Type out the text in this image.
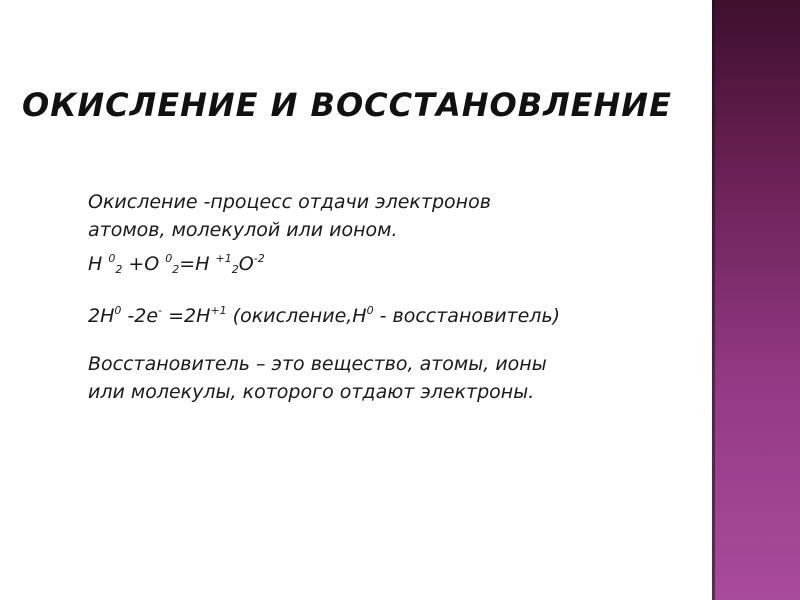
ОКИСЛЕНИЕ И ВОССТАНОВЛЕНИЕ

Окисление -процесс отдачи электронов
атомов, молекулой или ионом.

H $^0_2$ +O $^0_2$=H $^{+1}_2O^{-2}$

$2H^0$ $-2e^- =2H^{+1}$ ($окисление,H^0$ - восстановитель)

Восстановитель – это вещество, атомы, ионы
или молекулы, которого отдают электроны.
